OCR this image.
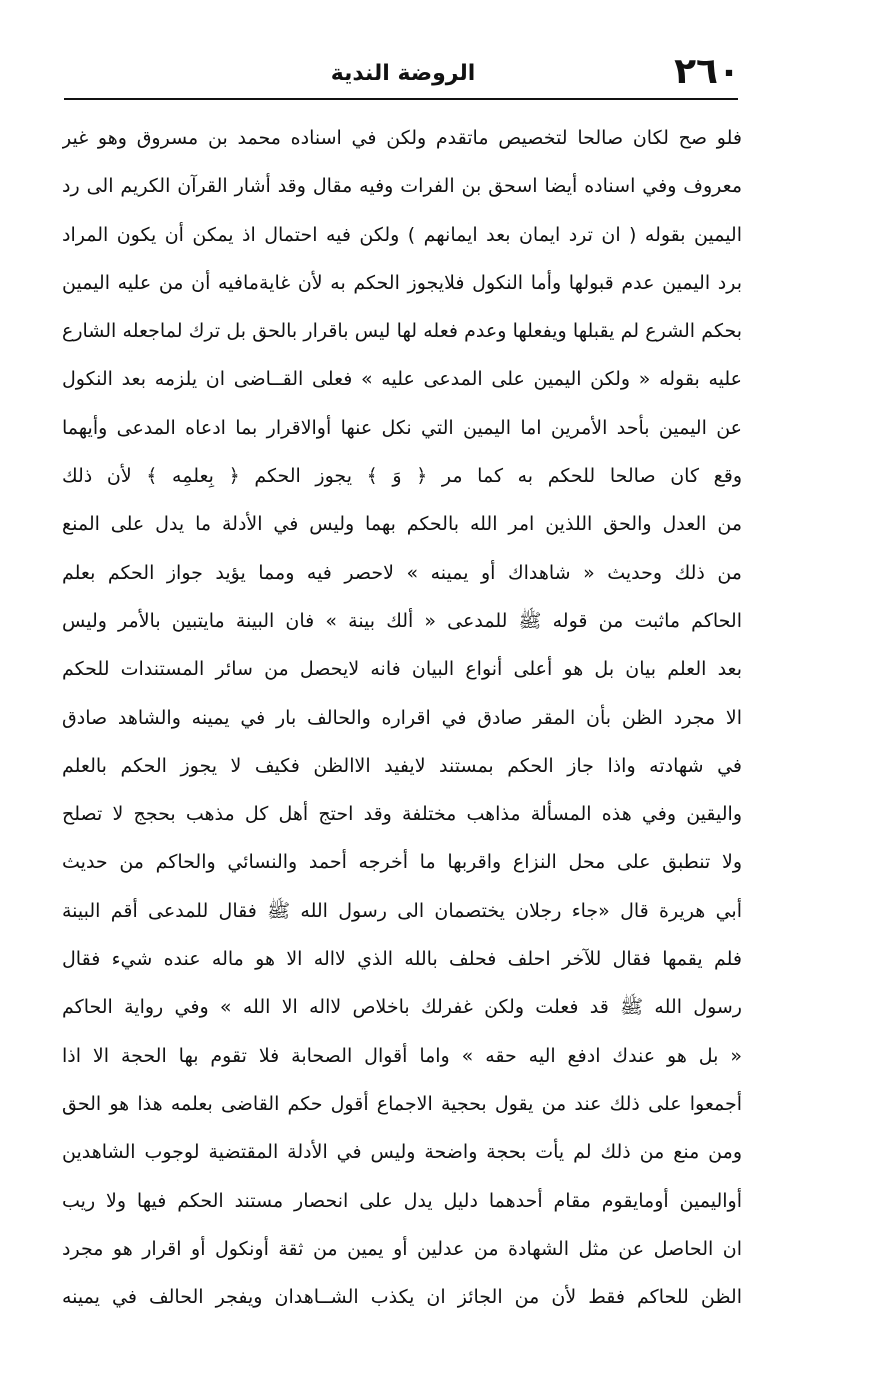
٢٦٠
الروضة الندية
فلو صح لكان صالحا لتخصيص ماتقدم ولكن في اسناده محمد بن مسروق وهو غير
معروف وفي اسناده أيضا اسحق بن الفرات وفيه مقال وقد أشار القرآن الكريم الى رد
اليمين بقوله ( ان ترد ايمان بعد ايمانهم ) ولكن فيه احتمال اذ يمكن أن يكون المراد
برد اليمين عدم قبولها وأما النكول فلايجوز الحكم به لأن غايةمافيه أن من عليه اليمين
بحكم الشرع لم يقبلها ويفعلها وعدم فعله لها ليس باقرار بالحق بل ترك لماجعله الشارع
عليه بقوله « ولكن اليمين على المدعى عليه » فعلى القــاضى ان يلزمه بعد النكول
عن اليمين بأحد الأمرين اما اليمين التي نكل عنها أوالاقرار بما ادعاه المدعى وأيهما
وقع كان صالحا للحكم به كما مر ﴿ وَ ﴾ يجوز الحكم ﴿ بِعلمِه ﴾ لأن ذلك
من العدل والحق اللذين امر الله بالحكم بهما وليس في الأدلة ما يدل على المنع
من ذلك وحديث « شاهداك أو يمينه » لاحصر فيه ومما يؤيد جواز الحكم بعلم
الحاكم ماثبت من قوله ﷺ للمدعى « ألك بينة » فان البينة مايتبين بالأمر وليس
بعد العلم بيان بل هو أعلى أنواع البيان فانه لايحصل من سائر المستندات للحكم
الا مجرد الظن بأن المقر صادق في اقراره والحالف بار في يمينه والشاهد صادق
في شهادته واذا جاز الحكم بمستند لايفيد الاالظن فكيف لا يجوز الحكم بالعلم
واليقين وفي هذه المسألة مذاهب مختلفة وقد احتج أهل كل مذهب بحجج لا تصلح
ولا تنطبق على محل النزاع واقربها ما أخرجه أحمد والنسائي والحاكم من حديث
أبي هريرة قال «جاء رجلان يختصمان الى رسول الله ﷺ فقال للمدعى أقم البينة
فلم يقمها فقال للآخر احلف فحلف بالله الذي لااله الا هو ماله عنده شيء فقال
رسول الله ﷺ قد فعلت ولكن غفرلك باخلاص لااله الا الله » وفي رواية الحاكم
« بل هو عندك ادفع اليه حقه » واما أقوال الصحابة فلا تقوم بها الحجة الا اذا
أجمعوا على ذلك عند من يقول بحجية الاجماع أقول حكم القاضى بعلمه هذا هو الحق
ومن منع من ذلك لم يأت بحجة واضحة وليس في الأدلة المقتضية لوجوب الشاهدين
أواليمين أومايقوم مقام أحدهما دليل يدل على انحصار مستند الحكم فيها ولا ريب
ان الحاصل عن مثل الشهادة من عدلين أو يمين من ثقة أونكول أو اقرار هو مجرد
الظن للحاكم فقط لأن من الجائز ان يكذب الشــاهدان ويفجر الحالف في يمينه
